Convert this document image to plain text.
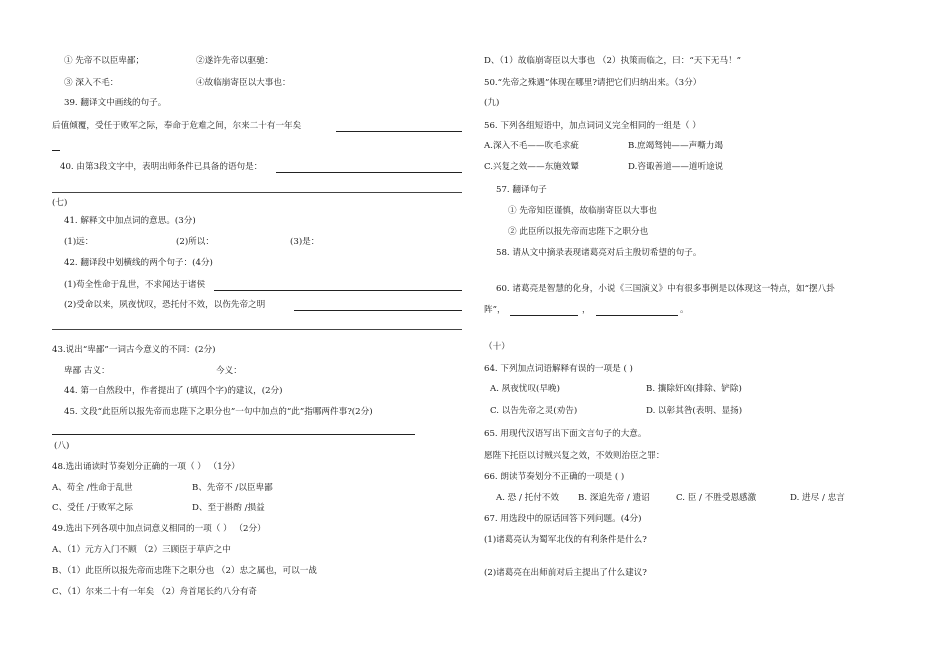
① 先帝不以臣卑鄙；	②遂许先帝以驱驰：
③ 深入不毛：	④故临崩寄臣以大事也：
39. 翻译文中画线的句子。
后值倾覆，受任于败军之际，奉命于危难之间，尔来二十有一年矣
40. 由第3段文字中，表明出师条件已具备的语句是：
(七)
41. 解释文中加点词的意思。(3分)
(1)远：	(2)所以：	(3)是：
42. 翻译段中划横线的两个句子：(4分)
(1)苟全性命于乱世，不求闻达于诸侯
(2)受命以来，夙夜忧叹，恐托付不效，以伤先帝之明
43.说出“卑鄙”一词古今意义的不同：(2分)
卑鄙 古义：	今义：
44. 第一自然段中，作者提出了 (填四个字)的建议，(2分)
45. 文段“此臣所以报先帝而忠陛下之职分也”一句中加点的“此”指哪两件事?(2分)
(八)
48.选出诵读时节奏划分正确的一项（ ） （1分）
A、苟全 /性命于乱世	B、先帝不 /以臣卑鄙
C、受任 /于败军之际	D、至于斟酌 /损益
49.选出下列各项中加点词意义相同的一项（ ） （2分）
A、（1）元方入门不顾 （2）三顾臣于草庐之中
B、（1）此臣所以报先帝而忠陛下之职分也 （2）忠之属也，可以一战
C、（1）尔来二十有一年矣 （2）舟首尾长约八分有奇
D、（1）故临崩寄臣以大事也 （2）执策而临之，曰：“天下无马！”
50.“先帝之殊遇”体现在哪里?请把它们归纳出来。（3分）
(九)
56. 下列各组短语中，加点词词义完全相同的一组是（ ）
A.深入不毛——吹毛求疵	B.庶竭驽钝——声嘶力竭
C.兴复之效——东施效颦	D.咨诹善道——道听途说
57. 翻译句子
① 先帝知臣谨慎，故临崩寄臣以大事也
② 此臣所以报先帝而忠陛下之职分也
58. 请从文中摘录表现诸葛亮对后主殷切希望的句子。
60. 诸葛亮是智慧的化身，小说《三国演义》中有很多事例是以体现这一特点，如“摆八卦
阵”，	，	。
（十）
64. 下列加点词语解释有误的一项是 ( )
A. 夙夜忧叹(早晚)	B. 攘除奸凶(排除、铲除)
C. 以告先帝之灵(劝告)	D. 以彰其咎(表明、显扬)
65. 用现代汉语写出下面文言句子的大意。
愿陛下托臣以讨贼兴复之效，不效则治臣之罪：
66. 朗读节奏划分不正确的一项是 ( )
A. 恐 / 托付不效 B. 深追先帝 / 遗诏	C. 臣 / 不胜受恩感激	D. 进尽 / 忠言
67. 用选段中的原话回答下列问题。(4分)
(1)诸葛亮认为蜀军北伐的有利条件是什么?
(2)诸葛亮在出师前对后主提出了什么建议?
